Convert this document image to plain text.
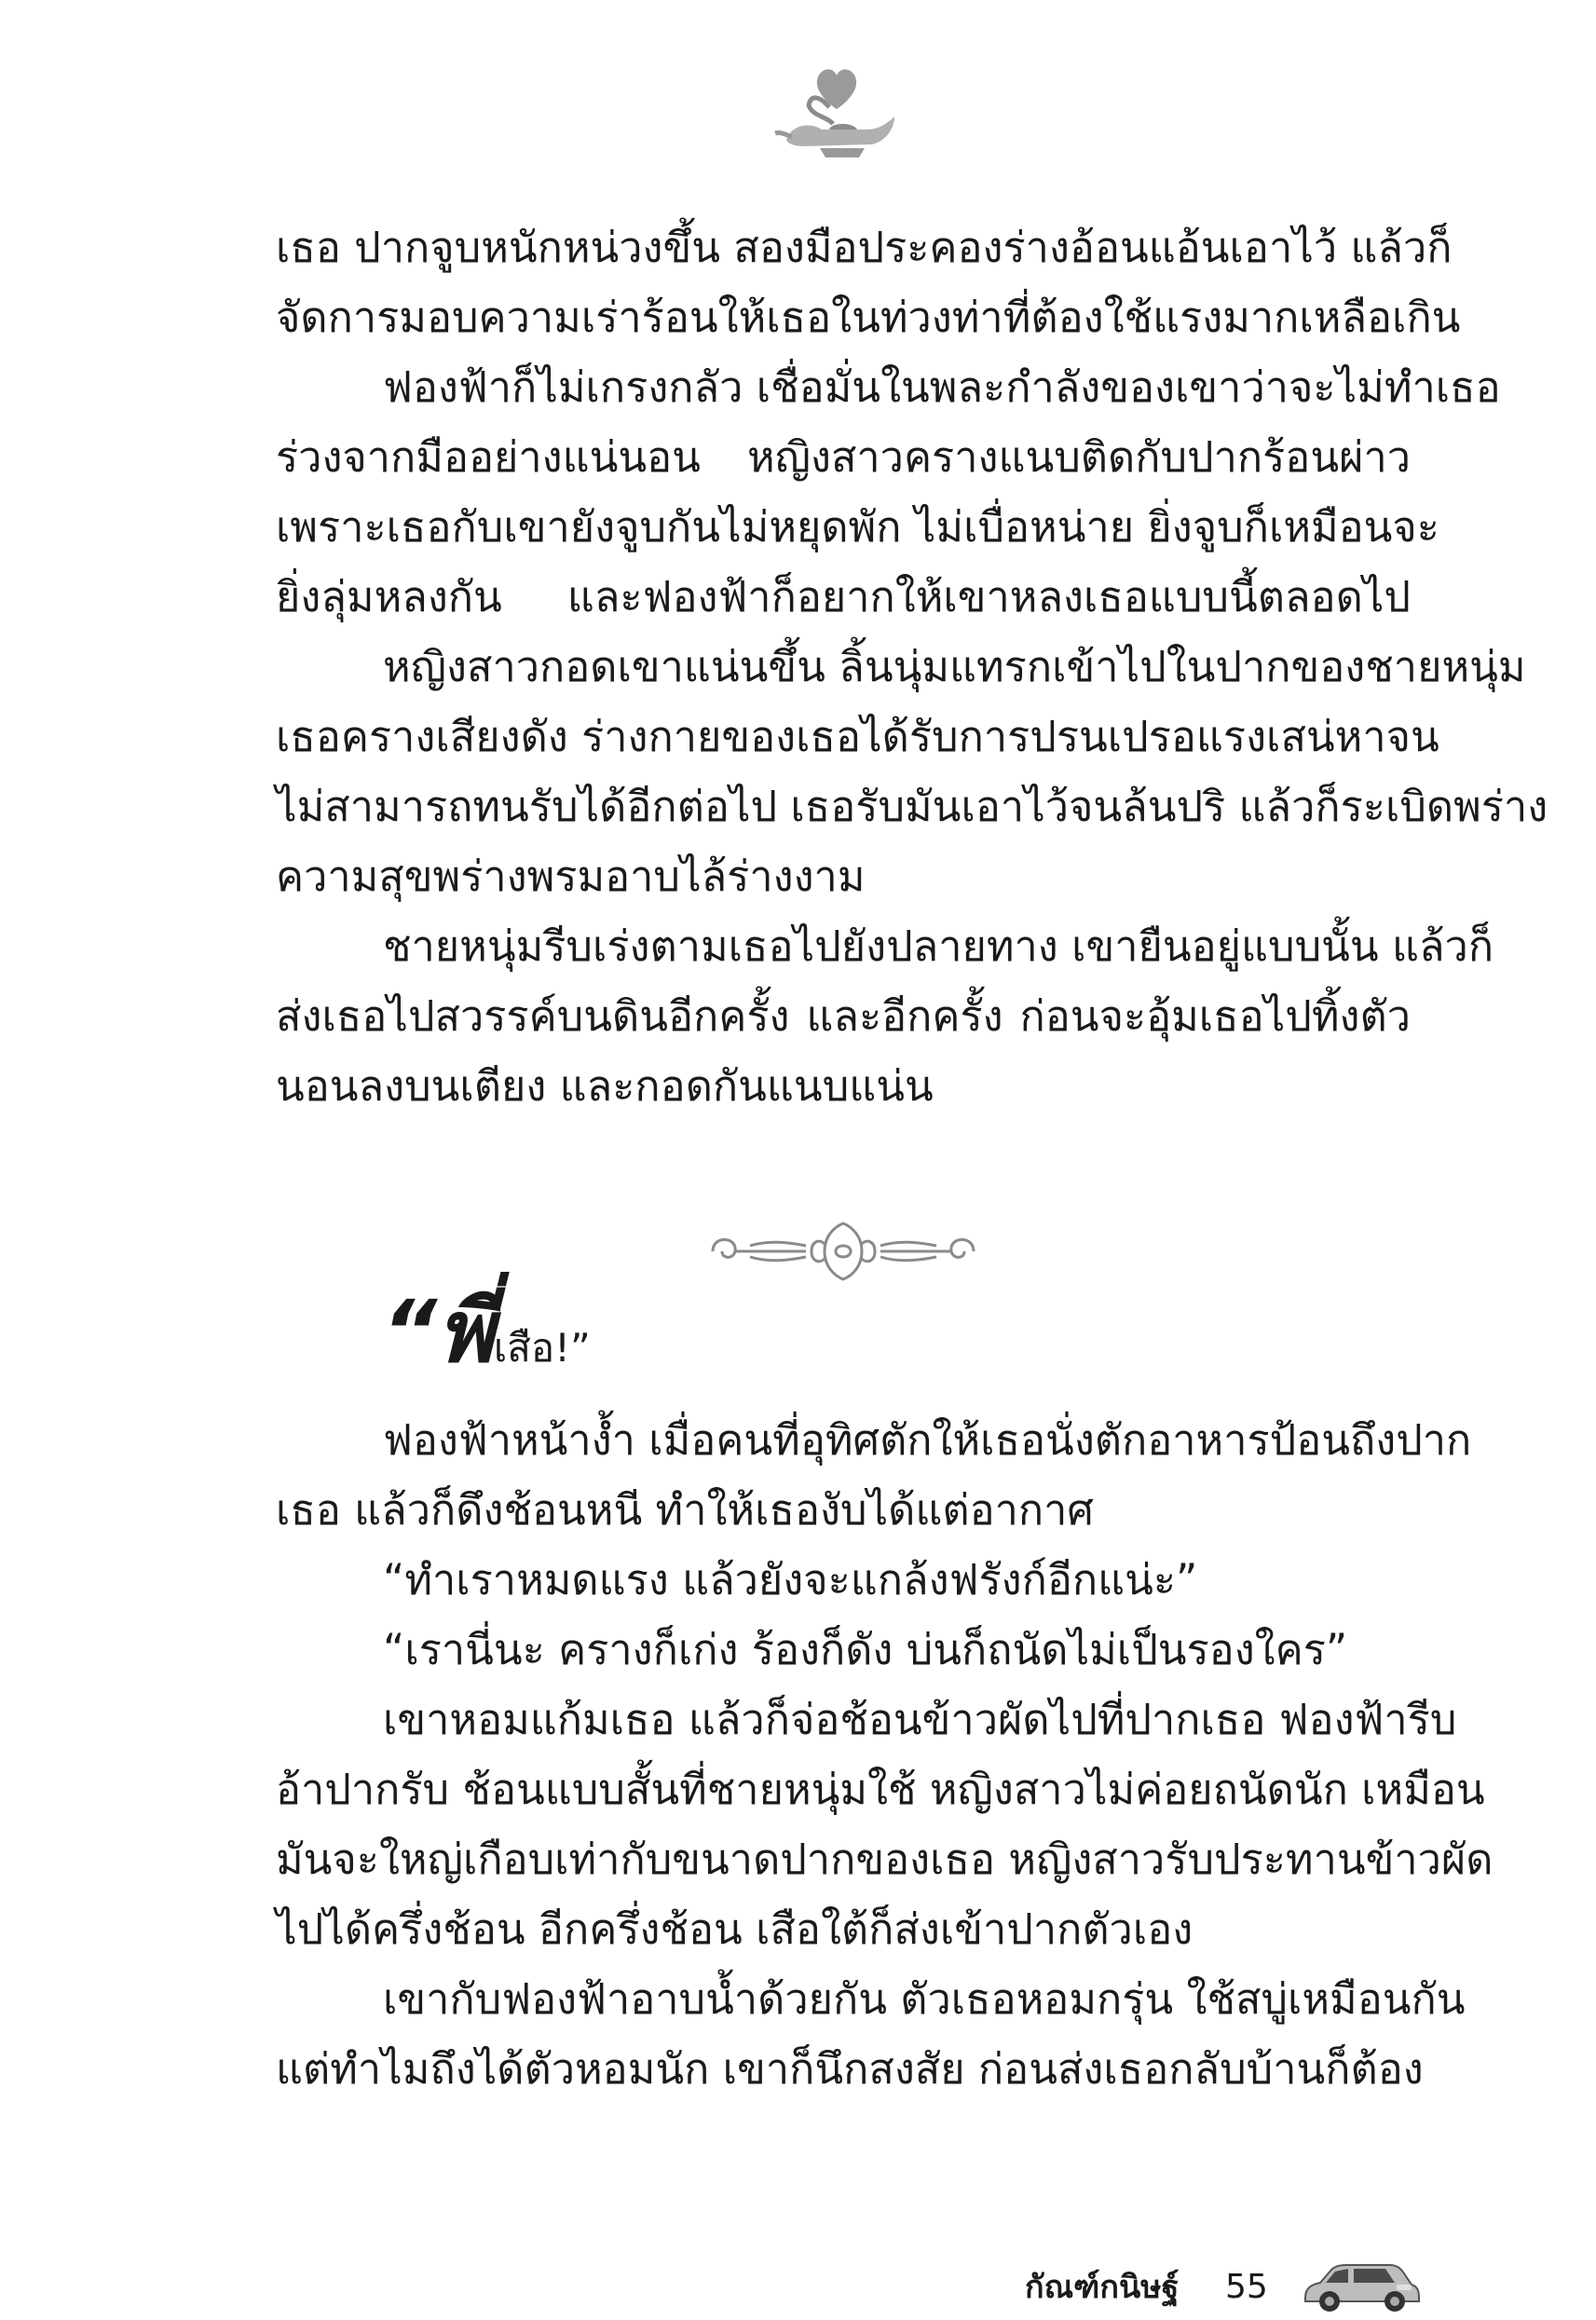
เธอ ปากจูบหนักหน่วงขึ้น สองมือประคองร่างอ้อนแอ้นเอาไว้ แล้วก็
จัดการมอบความเร่าร้อนให้เธอในท่วงท่าที่ต้องใช้แรงมากเหลือเกิน
ฟองฟ้าก็ไม่เกรงกลัว เชื่อมั่นในพละกำลังของเขาว่าจะไม่ทำเธอ
ร่วงจากมืออย่างแน่นอน หญิงสาวครางแนบติดกับปากร้อนผ่าว
เพราะเธอกับเขายังจูบกันไม่หยุดพัก ไม่เบื่อหน่าย ยิ่งจูบก็เหมือนจะ
ยิ่งลุ่มหลงกัน และฟองฟ้าก็อยากให้เขาหลงเธอแบบนี้ตลอดไป
หญิงสาวกอดเขาแน่นขึ้น ลิ้นนุ่มแทรกเข้าไปในปากของชายหนุ่ม
เธอครางเสียงดัง ร่างกายของเธอได้รับการปรนเปรอแรงเสน่หาจน
ไม่สามารถทนรับได้อีกต่อไป เธอรับมันเอาไว้จนล้นปริ แล้วก็ระเบิดพร่าง
ความสุขพร่างพรมอาบไล้ร่างงาม
ชายหนุ่มรีบเร่งตามเธอไปยังปลายทาง เขายืนอยู่แบบนั้น แล้วก็
ส่งเธอไปสวรรค์บนดินอีกครั้ง และอีกครั้ง ก่อนจะอุ้มเธอไปทิ้งตัว
นอนลงบนเตียง และกอดกันแนบแน่น
“พี่เสือ!”
ฟองฟ้าหน้างํ้า เมื่อคนที่อุทิศตักให้เธอนั่งตักอาหารป้อนถึงปาก
เธอ แล้วก็ดึงช้อนหนี ทำให้เธองับได้แต่อากาศ
“ทำเราหมดแรง แล้วยังจะแกล้งฟรังก์อีกแน่ะ”
“เรานี่นะ ครางก็เก่ง ร้องก็ดัง บ่นก็ถนัดไม่เป็นรองใคร”
เขาหอมแก้มเธอ แล้วก็จ่อช้อนข้าวผัดไปที่ปากเธอ ฟองฟ้ารีบ
อ้าปากรับ ช้อนแบบสั้นที่ชายหนุ่มใช้ หญิงสาวไม่ค่อยถนัดนัก เหมือน
มันจะใหญ่เกือบเท่ากับขนาดปากของเธอ หญิงสาวรับประทานข้าวผัด
ไปได้ครึ่งช้อน อีกครึ่งช้อน เสือใต้ก็ส่งเข้าปากตัวเอง
เขากับฟองฟ้าอาบน้ำด้วยกัน ตัวเธอหอมกรุ่น ใช้สบู่เหมือนกัน
แต่ทำไมถึงได้ตัวหอมนัก เขาก็นึกสงสัย ก่อนส่งเธอกลับบ้านก็ต้อง
กัณฑ์กนิษฐ์ 55
